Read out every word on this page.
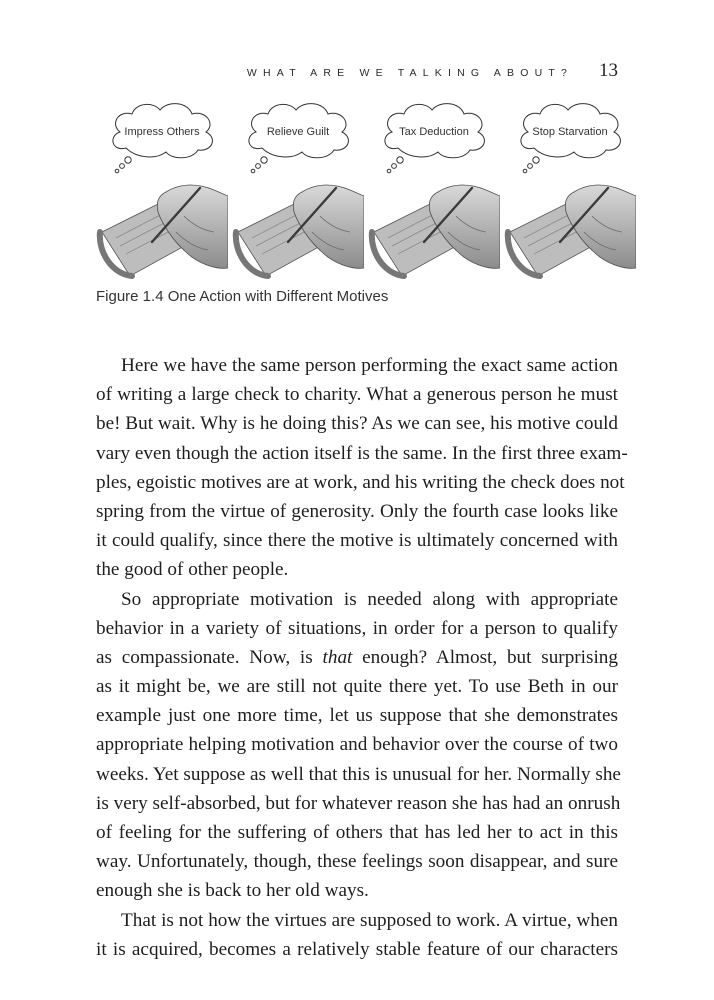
WHAT ARE WE TALKING ABOUT? 13
Impress Others	Relieve Guilt	Tax Deduction	Stop Starvation
Figure 1.4 One Action with Different Motives
Here we have the same person performing the exact same action
of writing a large check to charity. What a generous person he must
be! But wait. Why is he doing this? As we can see, his motive could
vary even though the action itself is the same. In the first three exam-
ples, egoistic motives are at work, and his writing the check does not
spring from the virtue of generosity. Only the fourth case looks like
it could qualify, since there the motive is ultimately concerned with
the good of other people.
So appropriate motivation is needed along with appropriate
behavior in a variety of situations, in order for a person to qualify
as compassionate. Now, is that enough? Almost, but surprising
as it might be, we are still not quite there yet. To use Beth in our
example just one more time, let us suppose that she demonstrates
appropriate helping motivation and behavior over the course of two
weeks. Yet suppose as well that this is unusual for her. Normally she
is very self-absorbed, but for whatever reason she has had an onrush
of feeling for the suffering of others that has led her to act in this
way. Unfortunately, though, these feelings soon disappear, and sure
enough she is back to her old ways.
That is not how the virtues are supposed to work. A virtue, when
it is acquired, becomes a relatively stable feature of our characters
